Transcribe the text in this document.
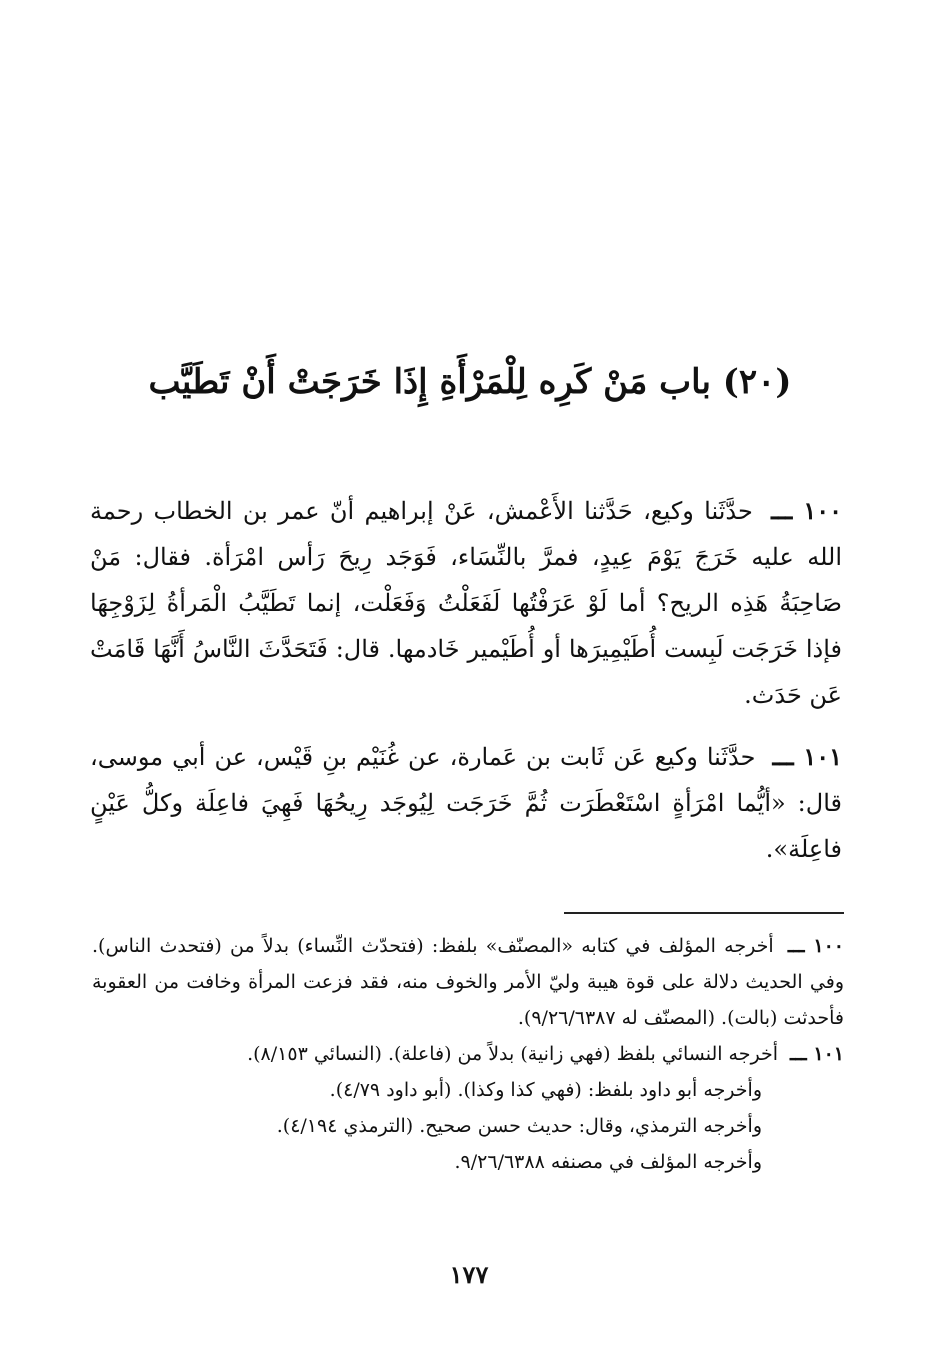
(٢٠) باب مَنْ كَرِه لِلْمَرْأَةِ إِذَا خَرَجَتْ أَنْ تَطَيَّب

١٠٠ ـــ حدَّثَنا وكيع، حَدَّثنا الأَعْمش، عَنْ إبراهيم أنّ عمر بن الخطاب رحمة الله عليه خَرَجَ يَوْمَ عِيدٍ، فمرَّ بالنِّسَاء، فَوَجَد رِيحَ رَأس امْرَأة. فقال: مَنْ صَاحِبَةُ هَذِه الريح؟ أما لَوْ عَرَفْتُها لَفَعَلْتُ وَفَعَلْت، إنما تَطَيَّبُ الْمَرأةُ لِزَوْجِهَا فإذا خَرَجَت لَبِست أُطَيْمِيرَها أو أُطَيْمير خَادمها. قال: فَتَحَدَّثَ النَّاسُ أَنَّهَا قَامَتْ عَن حَدَث.

١٠١ ـــ حدَّثَنا وكيع عَن ثَابت بن عَمارة، عن غُنَيْم بنِ قَيْس، عن أبي موسى، قال: «أيُّما امْرَأةٍ اسْتَعْطَرَت ثُمَّ خَرَجَت لِيُوجَد رِيحُهَا فَهِيَ فاعِلَة وكلُّ عَيْنٍ فاعِلَة».

١٠٠ ـــ أخرجه المؤلف في كتابه «المصنّف» بلفظ: (فتحدّث النِّساء) بدلاً من (فتحدث الناس). وفي الحديث دلالة على قوة هيبة وليّ الأمر والخوف منه، فقد فزعت المرأة وخافت من العقوبة فأحدثت (بالت). (المصنّف له ٩/٢٦/٦٣٨٧).

١٠١ ـــ أخرجه النسائي بلفظ (فهي زانية) بدلاً من (فاعلة). (النسائي ٨/١٥٣).
وأخرجه أبو داود بلفظ: (فهي كذا وكذا). (أبو داود ٤/٧٩).
وأخرجه الترمذي، وقال: حديث حسن صحيح. (الترمذي ٤/١٩٤).
وأخرجه المؤلف في مصنفه ٩/٢٦/٦٣٨٨.

١٧٧
